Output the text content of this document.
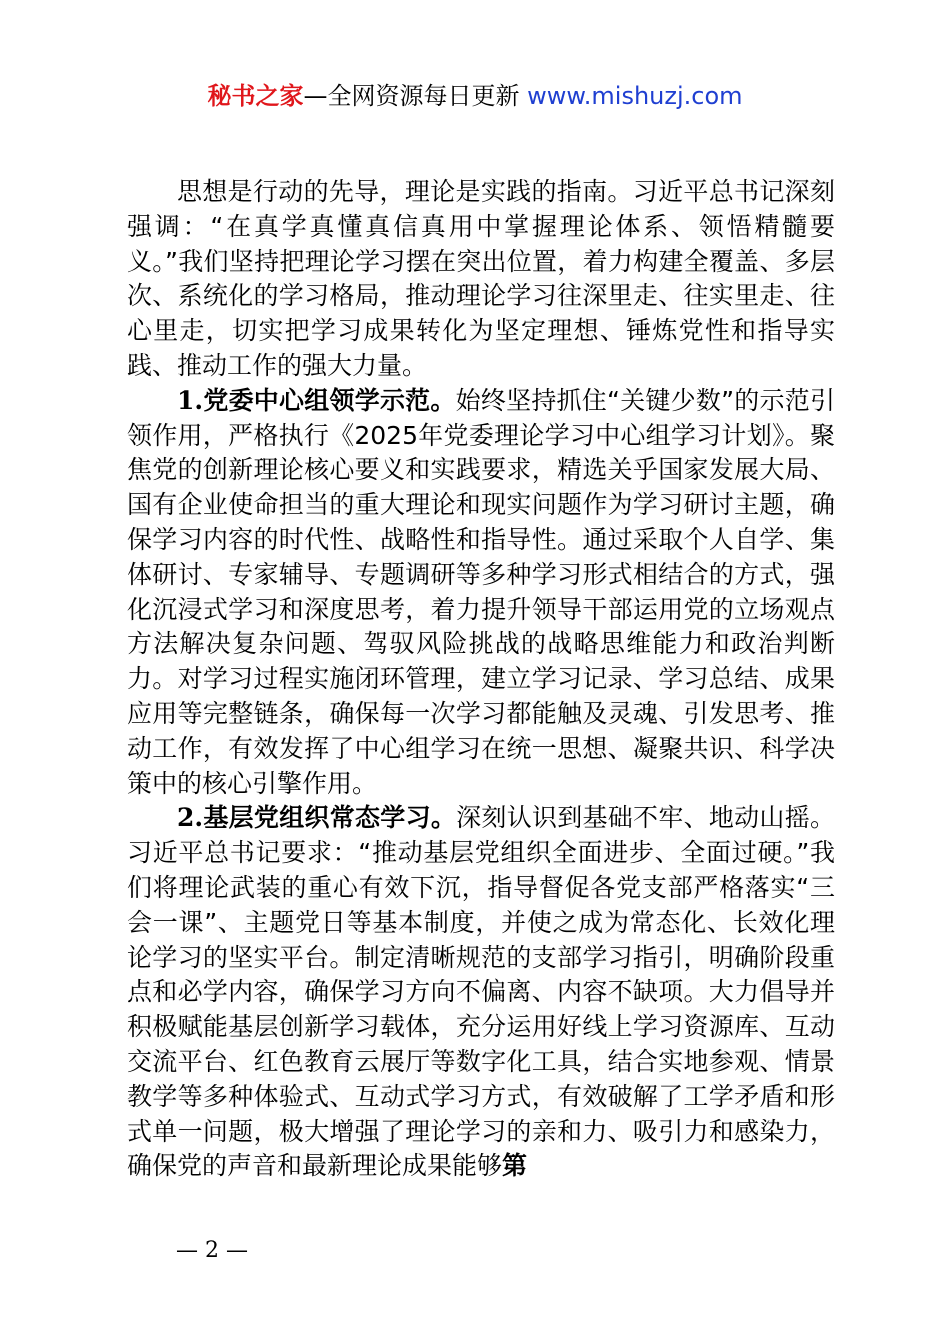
秘书之家—全网资源每日更新 www.mishuzj.com

思想是行动的先导，理论是实践的指南。习近平总书记深刻强调：“在真学真懂真信真用中掌握理论体系、领悟精髓要义。”我们坚持把理论学习摆在突出位置，着力构建全覆盖、多层次、系统化的学习格局，推动理论学习往深里走、往实里走、往心里走，切实把学习成果转化为坚定理想、锤炼党性和指导实践、推动工作的强大力量。

1.党委中心组领学示范。始终坚持抓住“关键少数”的示范引领作用，严格执行《2025年党委理论学习中心组学习计划》。聚焦党的创新理论核心要义和实践要求，精选关乎国家发展大局、国有企业使命担当的重大理论和现实问题作为学习研讨主题，确保学习内容的时代性、战略性和指导性。通过采取个人自学、集体研讨、专家辅导、专题调研等多种学习形式相结合的方式，强化沉浸式学习和深度思考，着力提升领导干部运用党的立场观点方法解决复杂问题、驾驭风险挑战的战略思维能力和政治判断力。对学习过程实施闭环管理，建立学习记录、学习总结、成果应用等完整链条，确保每一次学习都能触及灵魂、引发思考、推动工作，有效发挥了中心组学习在统一思想、凝聚共识、科学决策中的核心引擎作用。

2.基层党组织常态学习。深刻认识到基础不牢、地动山摇。习近平总书记要求：“推动基层党组织全面进步、全面过硬。”我们将理论武装的重心有效下沉，指导督促各党支部严格落实“三会一课”、主题党日等基本制度，并使之成为常态化、长效化理论学习的坚实平台。制定清晰规范的支部学习指引，明确阶段重点和必学内容，确保学习方向不偏离、内容不缺项。大力倡导并积极赋能基层创新学习载体，充分运用好线上学习资源库、互动交流平台、红色教育云展厅等数字化工具，结合实地参观、情景教学等多种体验式、互动式学习方式，有效破解了工学矛盾和形式单一问题，极大增强了理论学习的亲和力、吸引力和感染力，确保党的声音和最新理论成果能够第

— 2 —
